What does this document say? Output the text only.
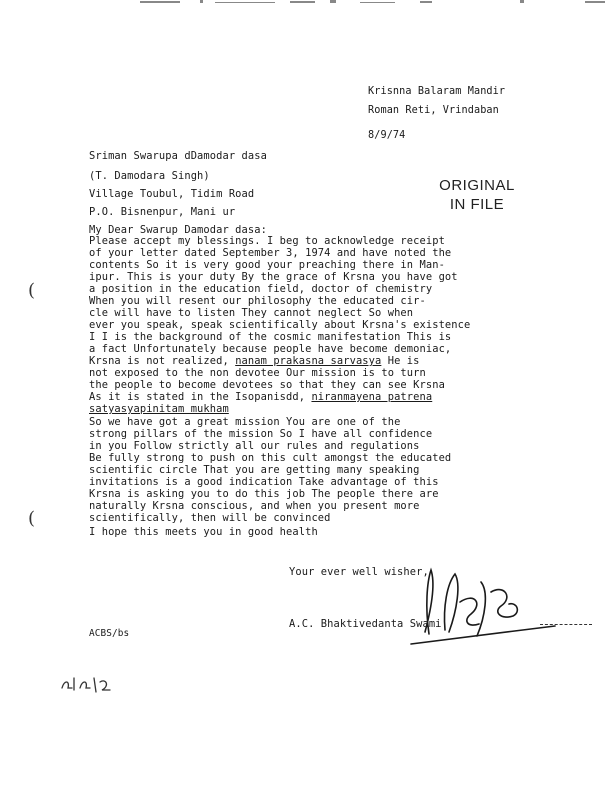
Krisnna Balaram Mandir
Roman Reti, Vrindaban
8/9/74
Sriman Swarupa dDamodar dasa
(T. Damodara Singh)
Village Toubul, Tidim Road
P.O. Bisnenpur, Mani ur
ORIGINAL
IN FILE
My Dear Swarup Damodar dasa:
Please accept my blessings. I beg to acknowledge receipt
of your letter dated September 3, 1974 and have noted the
contents So it is very good your preaching there in Man-
ipur. This is your duty By the grace of Krsna you have got
a position in the education field, doctor of chemistry
When you will resent our philosophy the educated cir-
cle will have to listen They cannot neglect So when
ever you speak, speak scientifically about Krsna's existence
I I is the background of the cosmic manifestation This is
a fact Unfortunately because people have become demoniac,
Krsna is not realized, nanam prakasna sarvasya He is
not exposed to the non devotee Our mission is to turn
the people to become devotees so that they can see Krsna
As it is stated in the Isopanisdd, niranmayena patrena
satyasyapinitam mukham
So we have got a great mission You are one of the
strong pillars of the mission So I have all confidence
in you Follow strictly all our rules and regulations
Be fully strong to push on this cult amongst the educated
scientific circle That you are getting many speaking
invitations is a good indication Take advantage of this
Krsna is asking you to do this job The people there are
naturally Krsna conscious, and when you present more
scientifically, then will be convinced
I hope this meets you in good health
Your ever well wisher,
A.C. Bhaktivedanta Swami
ACBS/bs
(
(
